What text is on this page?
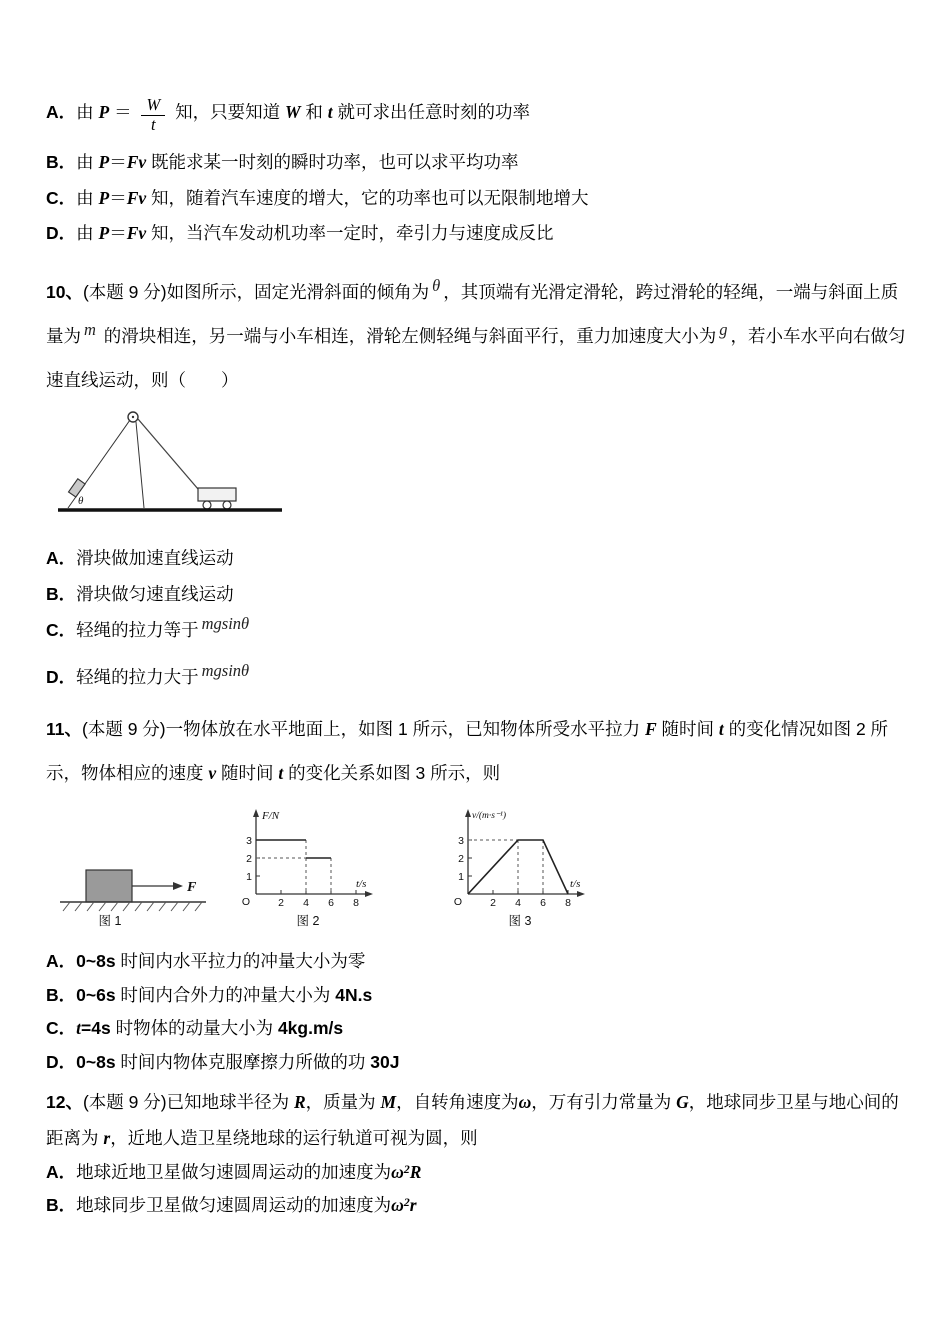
A．由 $P = \frac{W}{t}$ 知，只要知道 W 和 t 就可求出任意时刻的功率

B．由 P＝Fv 既能求某一时刻的瞬时功率，也可以求平均功率

C．由 P＝Fv 知，随着汽车速度的增大，它的功率也可以无限制地增大

D．由 P＝Fv 知，当汽车发动机功率一定时，牵引力与速度成反比

10、(本题 9 分)如图所示，固定光滑斜面的倾角为 θ ，其顶端有光滑定滑轮，跨过滑轮的轻绳，一端与斜面上质量为 m 的滑块相连，另一端与小车相连，滑轮左侧轻绳与斜面平行，重力加速度大小为 g ，若小车水平向右做匀速直线运动，则（　　）

θ

A．滑块做加速直线运动

B．滑块做匀速直线运动

C．轻绳的拉力等于 mgsinθ

D．轻绳的拉力大于 mgsinθ

11、(本题 9 分)一物体放在水平地面上，如图 1 所示，已知物体所受水平拉力 F 随时间 t 的变化情况如图 2 所示，物体相应的速度 v 随时间 t 的变化关系如图 3 所示，则

F
图 1
F/N
t/s
O
3
2
1
2 4 6 8
图 2
v/(m·s⁻¹)
t/s
O
3
2
1
2 4 6 8
图 3

A．0~8s 时间内水平拉力的冲量大小为零

B．0~6s 时间内合外力的冲量大小为 4N.s

C．t=4s 时物体的动量大小为 4kg.m/s

D．0~8s 时间内物体克服摩擦力所做的功 30J

12、(本题 9 分)已知地球半径为 R，质量为 M，自转角速度为ω，万有引力常量为 G，地球同步卫星与地心间的距离为 r，近地人造卫星绕地球的运行轨道可视为圆，则

A．地球近地卫星做匀速圆周运动的加速度为$\omega^2R$

B．地球同步卫星做匀速圆周运动的加速度为$\omega^2r$
